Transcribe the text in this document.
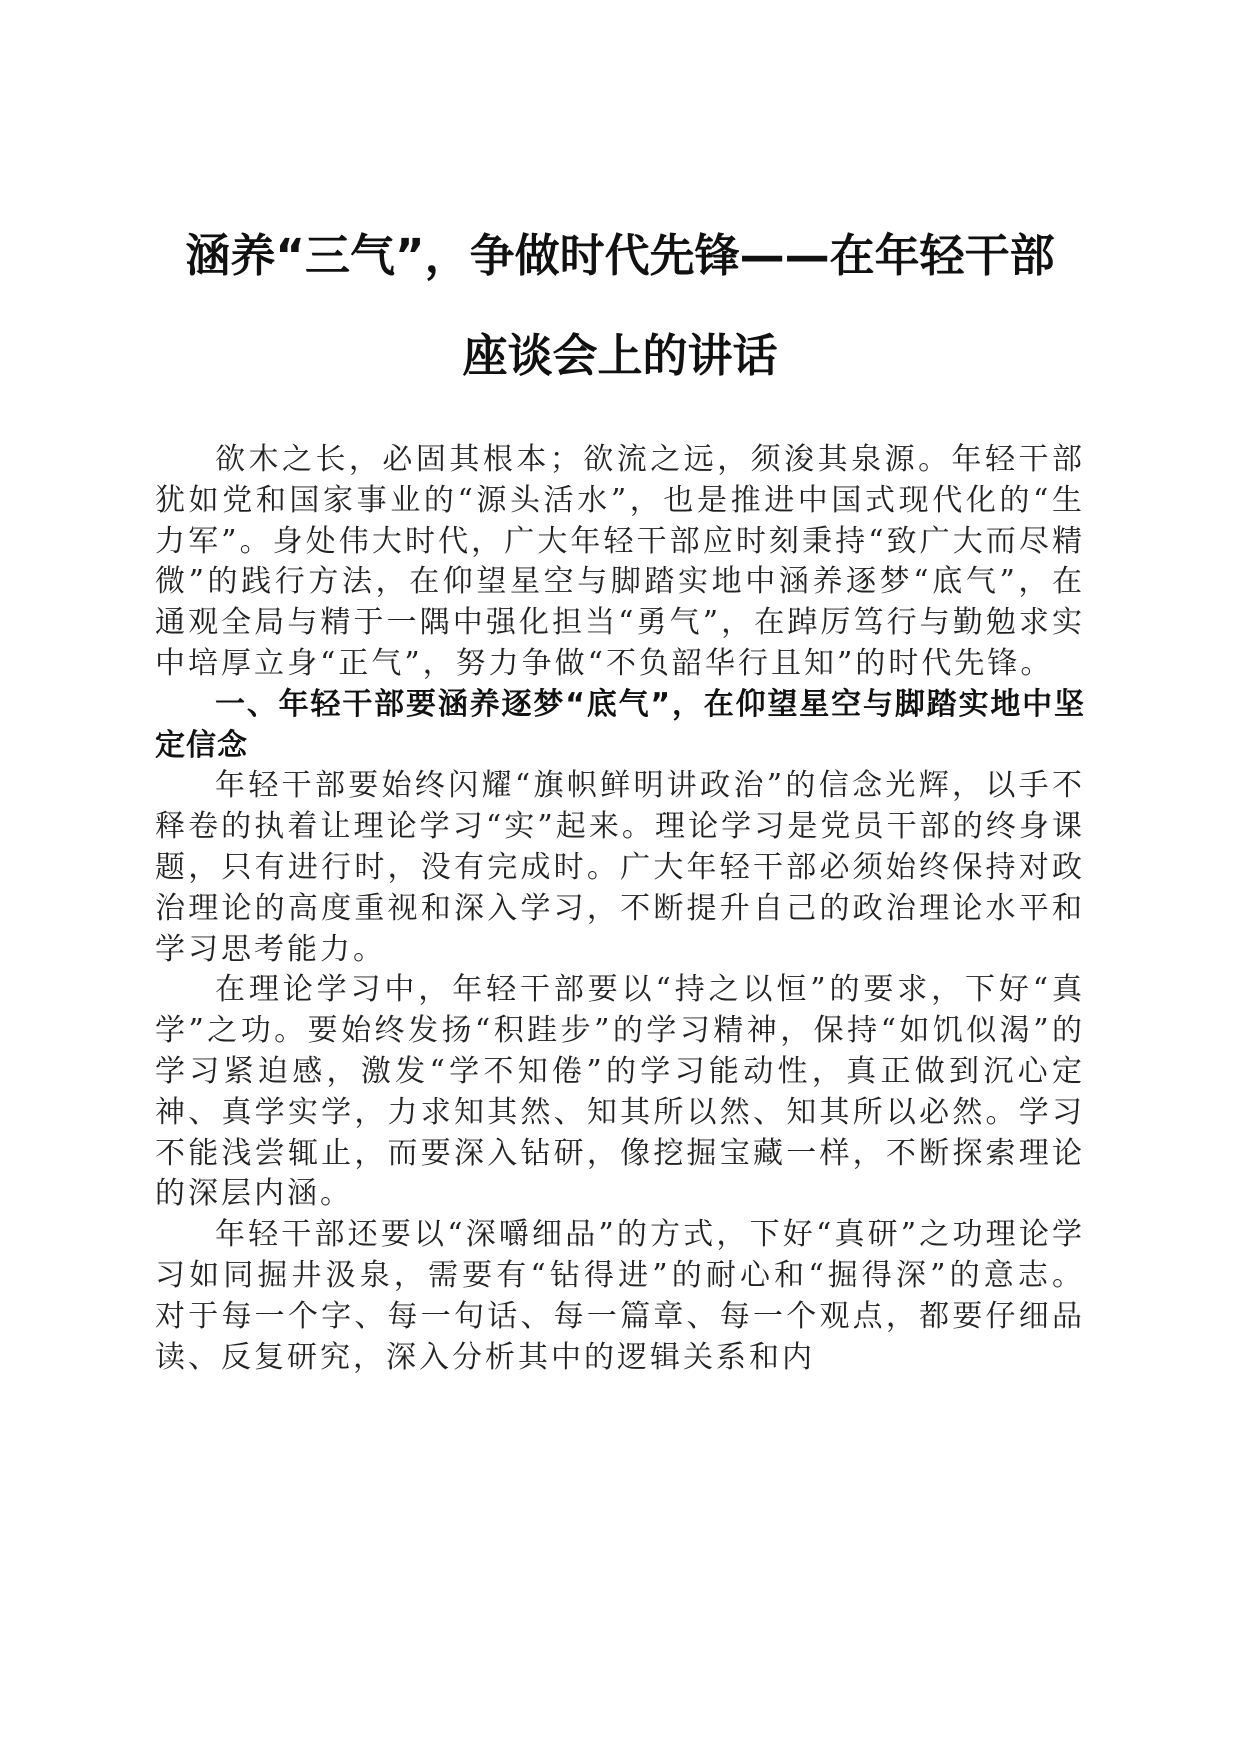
涵养“三气”，争做时代先锋——在年轻干部
座谈会上的讲话

欲木之长，必固其根本；欲流之远，须浚其泉源。年轻干部犹如党和国家事业的“源头活水”，也是推进中国式现代化的“生力军”。身处伟大时代，广大年轻干部应时刻秉持“致广大而尽精微”的践行方法，在仰望星空与脚踏实地中涵养逐梦“底气”，在通观全局与精于一隅中强化担当“勇气”，在踔厉笃行与勤勉求实中培厚立身“正气”，努力争做“不负韶华行且知”的时代先锋。

一、年轻干部要涵养逐梦“底气”，在仰望星空与脚踏实地中坚定信念

年轻干部要始终闪耀“旗帜鲜明讲政治”的信念光辉，以手不释卷的执着让理论学习“实”起来。理论学习是党员干部的终身课题，只有进行时，没有完成时。广大年轻干部必须始终保持对政治理论的高度重视和深入学习，不断提升自己的政治理论水平和学习思考能力。

在理论学习中，年轻干部要以“持之以恒”的要求，下好“真学”之功。要始终发扬“积跬步”的学习精神，保持“如饥似渴”的学习紧迫感，激发“学不知倦”的学习能动性，真正做到沉心定神、真学实学，力求知其然、知其所以然、知其所以必然。学习不能浅尝辄止，而要深入钻研，像挖掘宝藏一样，不断探索理论的深层内涵。

年轻干部还要以“深嚼细品”的方式，下好“真研”之功理论学习如同掘井汲泉，需要有“钻得进”的耐心和“掘得深”的意志。对于每一个字、每一句话、每一篇章、每一个观点，都要仔细品读、反复研究，深入分析其中的逻辑关系和内
